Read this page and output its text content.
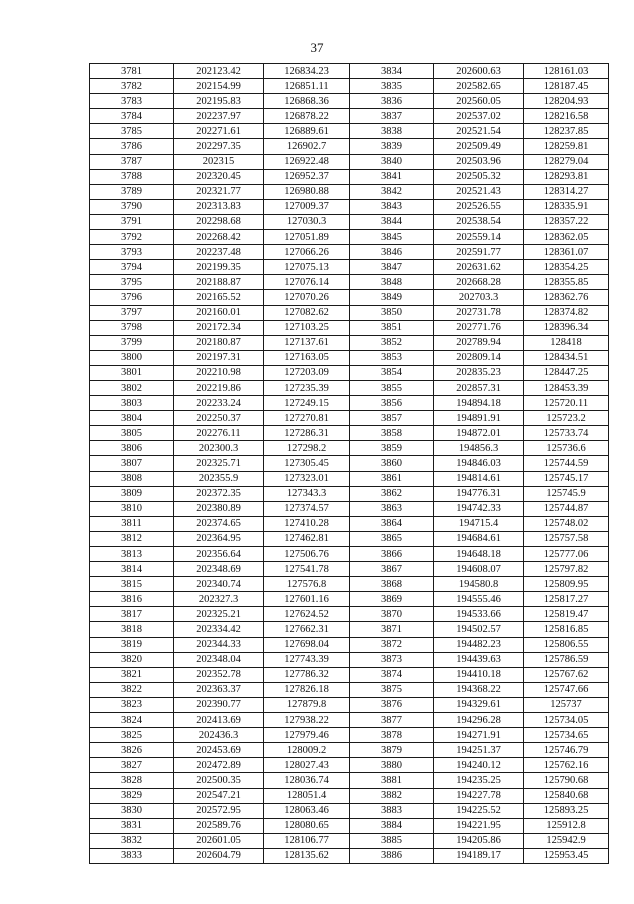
37
3781	202123.42	126834.23	3834	202600.63	128161.03
3782	202154.99	126851.11	3835	202582.65	128187.45
3783	202195.83	126868.36	3836	202560.05	128204.93
3784	202237.97	126878.22	3837	202537.02	128216.58
3785	202271.61	126889.61	3838	202521.54	128237.85
3786	202297.35	126902.7	3839	202509.49	128259.81
3787	202315	126922.48	3840	202503.96	128279.04
3788	202320.45	126952.37	3841	202505.32	128293.81
3789	202321.77	126980.88	3842	202521.43	128314.27
3790	202313.83	127009.37	3843	202526.55	128335.91
3791	202298.68	127030.3	3844	202538.54	128357.22
3792	202268.42	127051.89	3845	202559.14	128362.05
3793	202237.48	127066.26	3846	202591.77	128361.07
3794	202199.35	127075.13	3847	202631.62	128354.25
3795	202188.87	127076.14	3848	202668.28	128355.85
3796	202165.52	127070.26	3849	202703.3	128362.76
3797	202160.01	127082.62	3850	202731.78	128374.82
3798	202172.34	127103.25	3851	202771.76	128396.34
3799	202180.87	127137.61	3852	202789.94	128418
3800	202197.31	127163.05	3853	202809.14	128434.51
3801	202210.98	127203.09	3854	202835.23	128447.25
3802	202219.86	127235.39	3855	202857.31	128453.39
3803	202233.24	127249.15	3856	194894.18	125720.11
3804	202250.37	127270.81	3857	194891.91	125723.2
3805	202276.11	127286.31	3858	194872.01	125733.74
3806	202300.3	127298.2	3859	194856.3	125736.6
3807	202325.71	127305.45	3860	194846.03	125744.59
3808	202355.9	127323.01	3861	194814.61	125745.17
3809	202372.35	127343.3	3862	194776.31	125745.9
3810	202380.89	127374.57	3863	194742.33	125744.87
3811	202374.65	127410.28	3864	194715.4	125748.02
3812	202364.95	127462.81	3865	194684.61	125757.58
3813	202356.64	127506.76	3866	194648.18	125777.06
3814	202348.69	127541.78	3867	194608.07	125797.82
3815	202340.74	127576.8	3868	194580.8	125809.95
3816	202327.3	127601.16	3869	194555.46	125817.27
3817	202325.21	127624.52	3870	194533.66	125819.47
3818	202334.42	127662.31	3871	194502.57	125816.85
3819	202344.33	127698.04	3872	194482.23	125806.55
3820	202348.04	127743.39	3873	194439.63	125786.59
3821	202352.78	127786.32	3874	194410.18	125767.62
3822	202363.37	127826.18	3875	194368.22	125747.66
3823	202390.77	127879.8	3876	194329.61	125737
3824	202413.69	127938.22	3877	194296.28	125734.05
3825	202436.3	127979.46	3878	194271.91	125734.65
3826	202453.69	128009.2	3879	194251.37	125746.79
3827	202472.89	128027.43	3880	194240.12	125762.16
3828	202500.35	128036.74	3881	194235.25	125790.68
3829	202547.21	128051.4	3882	194227.78	125840.68
3830	202572.95	128063.46	3883	194225.52	125893.25
3831	202589.76	128080.65	3884	194221.95	125912.8
3832	202601.05	128106.77	3885	194205.86	125942.9
3833	202604.79	128135.62	3886	194189.17	125953.45
